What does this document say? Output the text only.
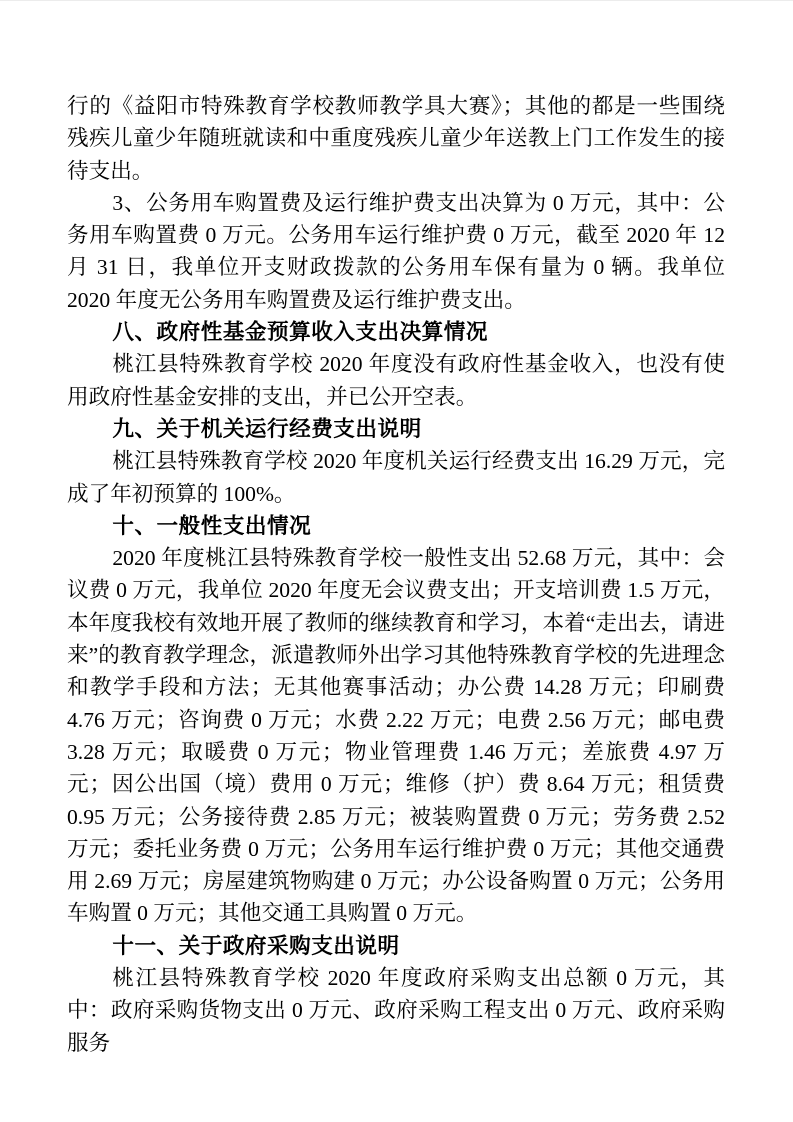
行的《益阳市特殊教育学校教师教学具大赛》；其他的都是一些围绕残疾儿童少年随班就读和中重度残疾儿童少年送教上门工作发生的接待支出。

3、公务用车购置费及运行维护费支出决算为 0 万元，其中：公务用车购置费 0 万元。公务用车运行维护费 0 万元，截至 2020 年 12 月 31 日，我单位开支财政拨款的公务用车保有量为 0 辆。我单位 2020 年度无公务用车购置费及运行维护费支出。

八、政府性基金预算收入支出决算情况

桃江县特殊教育学校 2020 年度没有政府性基金收入，也没有使用政府性基金安排的支出，并已公开空表。

九、关于机关运行经费支出说明

桃江县特殊教育学校 2020 年度机关运行经费支出 16.29 万元，完成了年初预算的 100%。

十、一般性支出情况

2020 年度桃江县特殊教育学校一般性支出 52.68 万元，其中：会议费 0 万元，我单位 2020 年度无会议费支出；开支培训费 1.5 万元，本年度我校有效地开展了教师的继续教育和学习，本着“走出去，请进来”的教育教学理念，派遣教师外出学习其他特殊教育学校的先进理念和教学手段和方法；无其他赛事活动；办公费 14.28 万元；印刷费 4.76 万元；咨询费 0 万元；水费 2.22 万元；电费 2.56 万元；邮电费 3.28 万元；取暖费 0 万元；物业管理费 1.46 万元；差旅费 4.97 万元；因公出国（境）费用 0 万元；维修（护）费 8.64 万元；租赁费 0.95 万元；公务接待费 2.85 万元；被装购置费 0 万元；劳务费 2.52 万元；委托业务费 0 万元；公务用车运行维护费 0 万元；其他交通费用 2.69 万元；房屋建筑物购建 0 万元；办公设备购置 0 万元；公务用车购置 0 万元；其他交通工具购置 0 万元。

十一、关于政府采购支出说明

桃江县特殊教育学校 2020 年度政府采购支出总额 0 万元，其中：政府采购货物支出 0 万元、政府采购工程支出 0 万元、政府采购服务
